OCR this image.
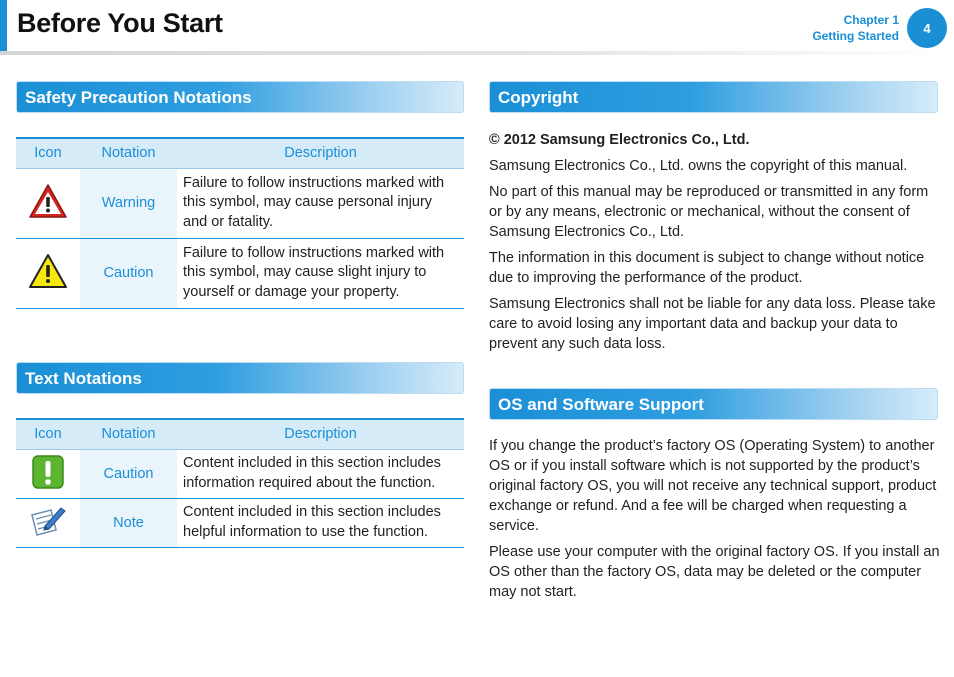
Before You Start	Chapter 1
Getting Started
4
Safety Precaution Notations
Icon	Notation	Description
	Warning	Failure to follow instructions marked with this symbol, may cause personal injury and or fatality.
	Caution	Failure to follow instructions marked with this symbol, may cause slight injury to yourself or damage your property.
Text Notations
Icon	Notation	Description
	Caution	Content included in this section includes information required about the function.
	Note	Content included in this section includes helpful information to use the function.
Copyright

© 2012 Samsung Electronics Co., Ltd.

Samsung Electronics Co., Ltd. owns the copyright of this manual.

No part of this manual may be reproduced or transmitted in any form or by any means, electronic or mechanical, without the consent of Samsung Electronics Co., Ltd.

The information in this document is subject to change without notice due to improving the performance of the product.

Samsung Electronics shall not be liable for any data loss. Please take care to avoid losing any important data and backup your data to prevent any such data loss.

OS and Software Support

If you change the product’s factory OS (Operating System) to another OS or if you install software which is not supported by the product’s original factory OS, you will not receive any technical support, product exchange or refund. And a fee will be charged when requesting a service.

Please use your computer with the original factory OS. If you install an OS other than the factory OS, data may be deleted or the computer may not start.
